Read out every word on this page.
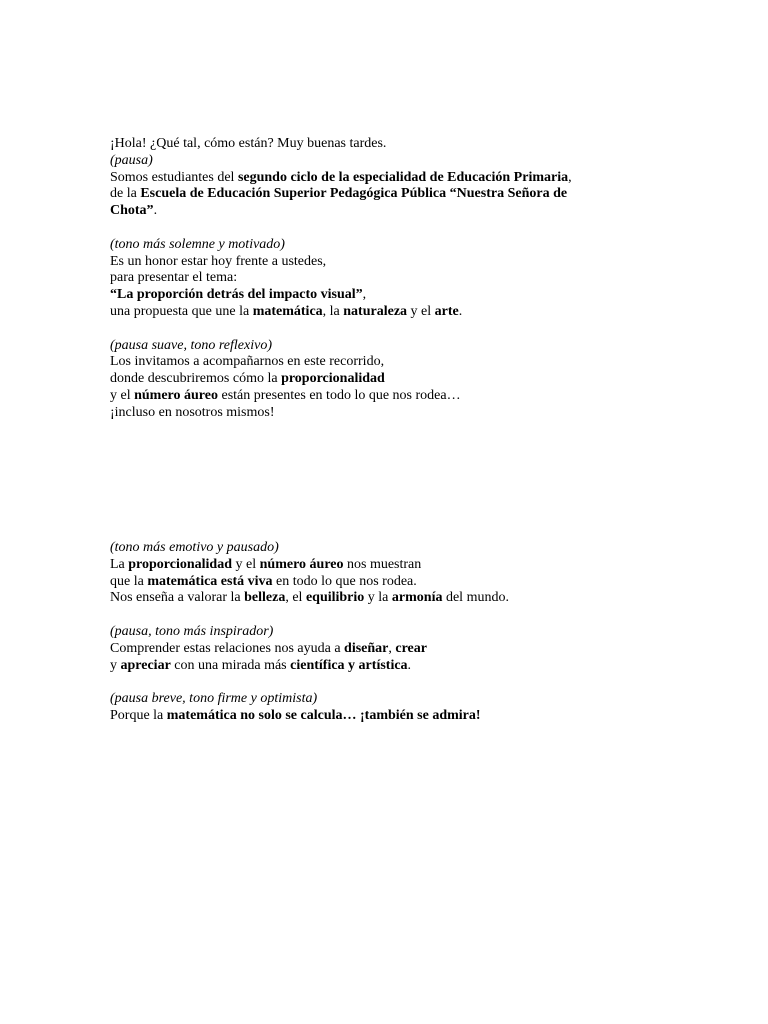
¡Hola! ¿Qué tal, cómo están? Muy buenas tardes.
(pausa)
Somos estudiantes del segundo ciclo de la especialidad de Educación Primaria,
de la Escuela de Educación Superior Pedagógica Pública “Nuestra Señora de
Chota”.
(tono más solemne y motivado)
Es un honor estar hoy frente a ustedes,
para presentar el tema:
“La proporción detrás del impacto visual”,
una propuesta que une la matemática, la naturaleza y el arte.
(pausa suave, tono reflexivo)
Los invitamos a acompañarnos en este recorrido,
donde descubriremos cómo la proporcionalidad
y el número áureo están presentes en todo lo que nos rodea…
¡incluso en nosotros mismos!
(tono más emotivo y pausado)
La proporcionalidad y el número áureo nos muestran
que la matemática está viva en todo lo que nos rodea.
Nos enseña a valorar la belleza, el equilibrio y la armonía del mundo.
(pausa, tono más inspirador)
Comprender estas relaciones nos ayuda a diseñar, crear
y apreciar con una mirada más científica y artística.
(pausa breve, tono firme y optimista)
Porque la matemática no solo se calcula… ¡también se admira!
